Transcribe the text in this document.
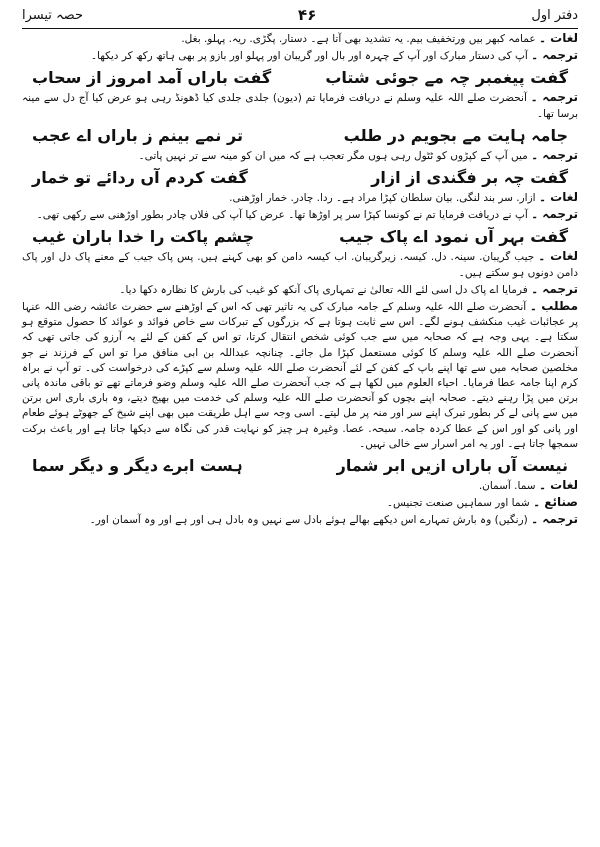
دفتر اول
۴۶
حصہ تیسرا

لغات ۔ عمامہ کبھر بیں ورتخفیف بیم. یہ تشدید بھی آتا ہے۔ دستار. پگڑی. ریہ. پہلو. بغل.

ترجمہ ۔ آپ کی دستار مبارک اور آپ کے چہرہ اور بال اور گریبان اور پہلو اور بازو پر بھی ہاتھ رکھ کر دیکھا۔

گفت پیغمبر چہ مے جوئی شتاب
گفت باراں آمد امروز از سحاب

ترجمہ ۔ آنحضرت صلے اللہ علیہ وسلم نے دریافت فرمایا تم (دیون) جلدی جلدی کیا ڈھونڈ رہی ہو عرض کیا آج دل سے مینہ برسا تھا۔

جامہ ہایت مے بجویم در طلب
تر نمے بینم ز باراں اے عجب

ترجمہ ۔ میں آپ کے کپڑوں کو ٹٹول رہی ہوں مگر تعجب ہے کہ میں ان کو مینہ سے تر نہیں پاتی۔

گفت چہ بر فگندی از ازار
گفت کردم آں ردائے تو خمار

لغات ۔ ازار. سر بند لنگی. بیان سلطان کپڑا مراد ہے۔ ردا. چادر. خمار اوڑھنی.

ترجمہ ۔ آپ نے دریافت فرمایا تم نے کونسا کپڑا سر پر اوڑھا تھا۔ عرض کیا آپ کی فلاں چادر بطور اوڑھنی سے رکھی تھی۔

گفت بہر آں نمود اے پاک جیب
چشم پاکت را خدا باران غیب

لغات ۔ جیب گریبان. سینہ. دل. کیسہ. زیرگریبان. اب کیسہ دامن کو بھی کہنے ہیں. پس پاک جیب کے معنے پاک دل اور پاک دامن دونوں ہو سکتے ہیں۔

ترجمہ ۔ فرمایا اے پاک دل اسی لئے اللہ تعالیٰ نے تمہاری پاک آنکھ کو غیب کی بارش کا نظارہ دکھا دیا۔

مطلب ۔ آنحضرت صلے اللہ علیہ وسلم کے جامہ مبارک کی یہ تاثیر تھی کہ اس کے اوڑھنے سے حضرت عائشہ رضی اللہ عنہا پر عجائبات غیب منکشف ہونے لگے۔ اس سے ثابت ہوتا ہے کہ بزرگوں کے تبرکات سے خاص فوائد و عوائد کا حصول متوقع ہو سکتا ہے۔ یہی وجہ ہے کہ صحابہ میں سے جب کوئی شخص انتقال کرتا، تو اس کے کفن کے لئے یہ آرزو کی جاتی تھی کہ آنحضرت صلے اللہ علیہ وسلم کا کوئی مستعمل کپڑا مل جائے۔ چنانچہ عبداللہ بن ابی منافق مرا تو اس کے فرزند نے جو مخلصین صحابہ میں سے تھا اپنے باپ کے کفن کے لئے آنحضرت صلے اللہ علیہ وسلم سے کپڑے کی درخواست کی۔ تو آپ نے براہ کرم اپنا جامہ عطا فرمایا۔ احیاء العلوم میں لکھا ہے کہ جب آنحضرت صلے اللہ علیہ وسلم وضو فرماتے تھے تو باقی ماندہ پانی برتن میں پڑا رہنے دیتے۔ صحابہ اپنے بچوں کو آنحضرت صلے اللہ علیہ وسلم کی خدمت میں بھیج دیتے، وہ باری باری اس برتن میں سے پانی لے کر بطور تبرک اپنے سر اور منہ پر مل لیتے۔ اسی وجہ سے اہل طریقت میں بھی اپنے شیخ کے جھوٹے ہوئے طعام اور پانی کو اور اس کے عطا کردہ جامہ. سبحہ. عصا. وغیرہ ہر چیز کو نہایت قدر کی نگاہ سے دیکھا جاتا ہے اور باعث برکت سمجھا جاتا ہے۔ اور یہ امر اسرار سے خالی نہیں۔

نیست آں باراں ازیں ابر شمار
ہست ابرے دیگر و دیگر سما

لغات ۔ سما. آسمان.

صنائع ۔ شما اور سماہیں صنعت تجنیس۔

ترجمہ ۔ (رنگیں) وہ بارش تمہارے اس دیکھے بھالے ہوئے بادل سے نہیں وہ بادل ہی اور ہے اور وہ آسمان اور۔
